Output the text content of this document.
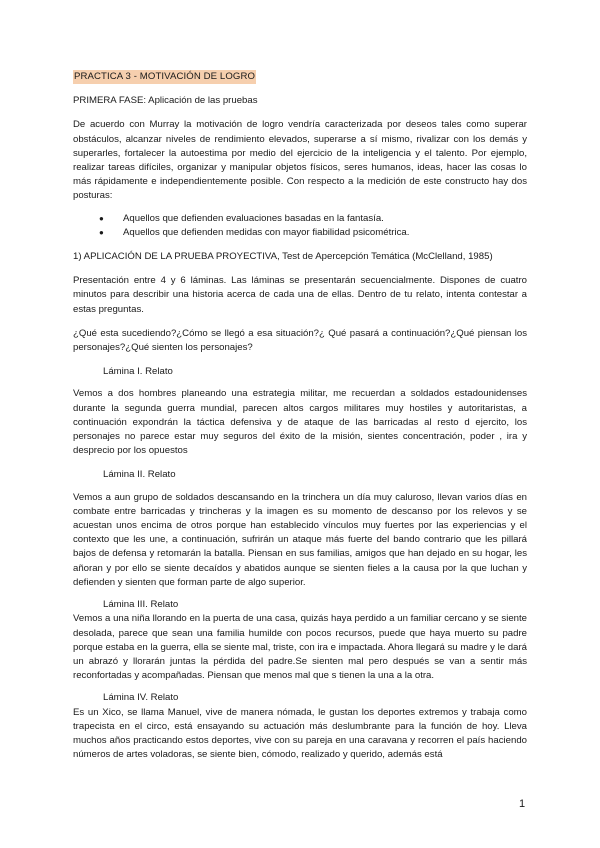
PRACTICA 3 - MOTIVACIÓN DE LOGRO
PRIMERA FASE: Aplicación de las pruebas
De acuerdo con Murray la motivación de logro vendría caracterizada por deseos tales como superar obstáculos, alcanzar niveles de rendimiento elevados, superarse a sí mismo, rivalizar con los demás y superarles, fortalecer la autoestima por medio del ejercicio de la inteligencia y el talento. Por ejemplo, realizar tareas difíciles, organizar y manipular objetos físicos, seres humanos, ideas, hacer las cosas lo más rápidamente e independientemente posible. Con respecto a la medición de este constructo hay dos posturas:
● Aquellos que defienden evaluaciones basadas en la fantasía.
● Aquellos que defienden medidas con mayor fiabilidad psicométrica.
1) APLICACIÓN DE LA PRUEBA PROYECTIVA, Test de Apercepción Temática (McClelland, 1985)
Presentación entre 4 y 6 láminas. Las láminas se presentarán secuencialmente. Dispones de cuatro minutos para describir una historia acerca de cada una de ellas. Dentro de tu relato, intenta contestar a estas preguntas.
¿Qué esta sucediendo?¿Cómo se llegó a esa situación?¿ Qué pasará a continuación?¿Qué piensan los personajes?¿Qué sienten los personajes?
Lámina I. Relato
Vemos a dos hombres planeando una estrategia militar, me recuerdan a soldados estadounidenses durante la segunda guerra mundial, parecen altos cargos militares muy hostiles y autoritaristas, a continuación expondrán la táctica defensiva y de ataque de las barricadas al resto d ejercito, los personajes no parece estar muy seguros del éxito de la misión, sientes concentración, poder , ira y desprecio por los opuestos
Lámina II. Relato
Vemos a aun grupo de soldados descansando en la trinchera un día muy caluroso, llevan varios días en combate entre barricadas y trincheras y la imagen es su momento de descanso por los relevos y se acuestan unos encima de otros porque han establecido vínculos muy fuertes por las experiencias y el contexto que les une, a continuación, sufrirán un ataque más fuerte del bando contrario que les pillará bajos de defensa y retomarán la batalla. Piensan en sus familias, amigos que han dejado en su hogar, les añoran y por ello se siente decaídos y abatidos aunque se sienten fieles a la causa por la que luchan y defienden y sienten que forman parte de algo superior.
Lámina III. Relato
Vemos a una niña llorando en la puerta de una casa, quizás haya perdido a un familiar cercano y se siente desolada, parece que sean una familia humilde con pocos recursos, puede que haya muerto su padre porque estaba en la guerra, ella se siente mal, triste, con ira e impactada. Ahora llegará su madre y le dará un abrazó y llorarán juntas la pérdida del padre.Se sienten mal pero después se van a sentir más reconfortadas y acompañadas. Piensan que menos mal que s tienen la una a la otra.
Lámina IV. Relato
Es un Xico, se llama Manuel, vive de manera nómada, le gustan los deportes extremos y trabaja como trapecista en el circo, está ensayando su actuación más deslumbrante para la función de hoy. Lleva muchos años practicando estos deportes, vive con su pareja en una caravana y recorren el país haciendo números de artes voladoras, se siente bien, cómodo, realizado y querido, además está
1
